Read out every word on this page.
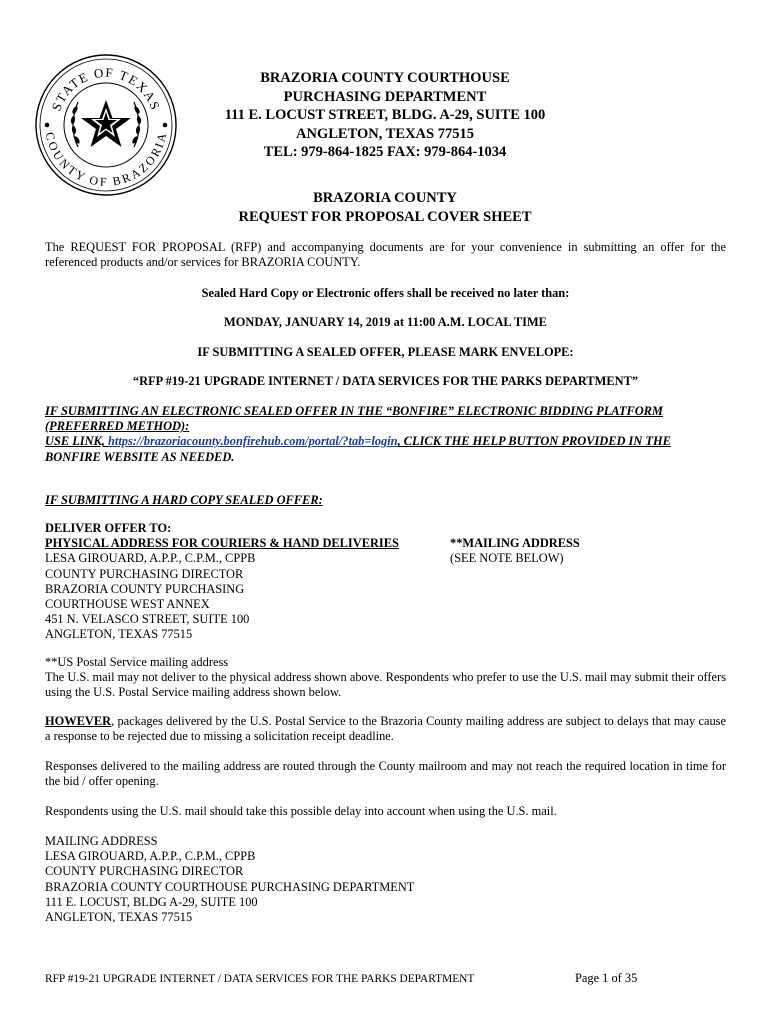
STATE OF TEXAS
COUNTY OF BRAZORIA
BRAZORIA COUNTY COURTHOUSE
PURCHASING DEPARTMENT
111 E. LOCUST STREET, BLDG. A-29, SUITE 100
ANGLETON, TEXAS 77515
TEL: 979-864-1825 FAX: 979-864-1034
BRAZORIA COUNTY
REQUEST FOR PROPOSAL COVER SHEET
The REQUEST FOR PROPOSAL (RFP) and accompanying documents are for your convenience in submitting an offer for the referenced products and/or services for BRAZORIA COUNTY.
Sealed Hard Copy or Electronic offers shall be received no later than:
MONDAY, JANUARY 14, 2019 at 11:00 A.M. LOCAL TIME
IF SUBMITTING A SEALED OFFER, PLEASE MARK ENVELOPE:
“RFP #19-21 UPGRADE INTERNET / DATA SERVICES FOR THE PARKS DEPARTMENT”
IF SUBMITTING AN ELECTRONIC SEALED OFFER IN THE “BONFIRE” ELECTRONIC BIDDING PLATFORM
(PREFERRED METHOD):
USE LINK, https://brazoriacounty.bonfirehub.com/portal/?tab=login, CLICK THE HELP BUTTON PROVIDED IN THE
BONFIRE WEBSITE AS NEEDED.
IF SUBMITTING A HARD COPY SEALED OFFER:
DELIVER OFFER TO:
PHYSICAL ADDRESS FOR COURIERS & HAND DELIVERIES
LESA GIROUARD, A.P.P., C.P.M., CPPB
COUNTY PURCHASING DIRECTOR
BRAZORIA COUNTY PURCHASING
COURTHOUSE WEST ANNEX
451 N. VELASCO STREET, SUITE 100
ANGLETON, TEXAS 77515
**MAILING ADDRESS
(SEE NOTE BELOW)
**US Postal Service mailing address
The U.S. mail may not deliver to the physical address shown above. Respondents who prefer to use the U.S. mail may submit their offers using the U.S. Postal Service mailing address shown below.
HOWEVER, packages delivered by the U.S. Postal Service to the Brazoria County mailing address are subject to delays that may cause a response to be rejected due to missing a solicitation receipt deadline.
Responses delivered to the mailing address are routed through the County mailroom and may not reach the required location in time for the bid / offer opening.
Respondents using the U.S. mail should take this possible delay into account when using the U.S. mail.
MAILING ADDRESS
LESA GIROUARD, A.P.P., C.P.M., CPPB
COUNTY PURCHASING DIRECTOR
BRAZORIA COUNTY COURTHOUSE PURCHASING DEPARTMENT
111 E. LOCUST, BLDG A-29, SUITE 100
ANGLETON, TEXAS 77515
RFP #19-21 UPGRADE INTERNET / DATA SERVICES FOR THE PARKS DEPARTMENT	Page 1 of 35
